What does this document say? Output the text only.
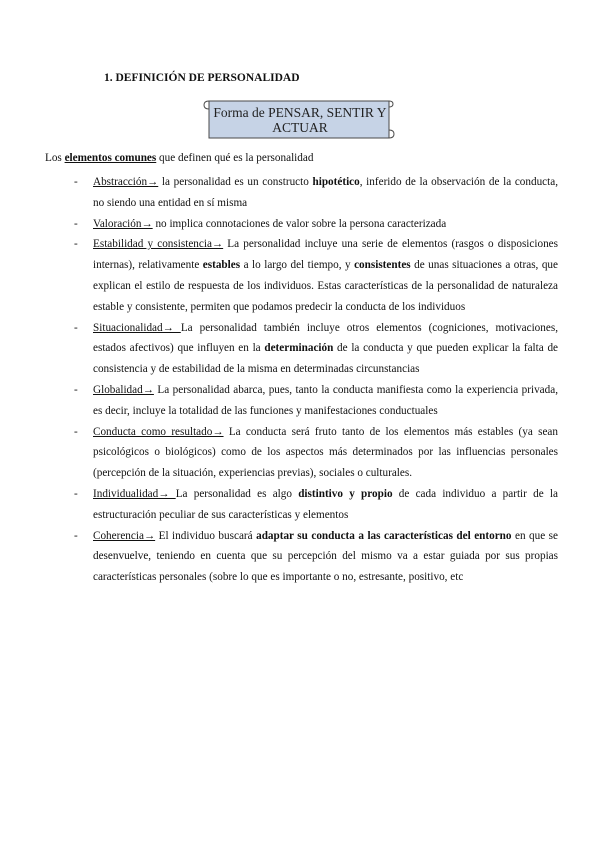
1. DEFINICIÓN DE PERSONALIDAD
Forma de PENSAR, SENTIR Y
ACTUAR
Los elementos comunes que definen qué es la personalidad
- Abstracción→ la personalidad es un constructo hipotético, inferido de la observación de la conducta, no siendo una entidad en sí misma
- Valoración→ no implica connotaciones de valor sobre la persona caracterizada
- Estabilidad y consistencia→ La personalidad incluye una serie de elementos (rasgos o disposiciones internas), relativamente estables a lo largo del tiempo, y consistentes de unas situaciones a otras, que explican el estilo de respuesta de los individuos. Estas características de la personalidad de naturaleza estable y consistente, permiten que podamos predecir la conducta de los individuos
- Situacionalidad→ La personalidad también incluye otros elementos (cogniciones, motivaciones, estados afectivos) que influyen en la determinación de la conducta y que pueden explicar la falta de consistencia y de estabilidad de la misma en determinadas circunstancias
- Globalidad→ La personalidad abarca, pues, tanto la conducta manifiesta como la experiencia privada, es decir, incluye la totalidad de las funciones y manifestaciones conductuales
- Conducta como resultado→ La conducta será fruto tanto de los elementos más estables (ya sean psicológicos o biológicos) como de los aspectos más determinados por las influencias personales (percepción de la situación, experiencias previas), sociales o culturales.
- Individualidad→ La personalidad es algo distintivo y propio de cada individuo a partir de la estructuración peculiar de sus características y elementos
- Coherencia→ El individuo buscará adaptar su conducta a las características del entorno en que se desenvuelve, teniendo en cuenta que su percepción del mismo va a estar guiada por sus propias características personales (sobre lo que es importante o no, estresante, positivo, etc
